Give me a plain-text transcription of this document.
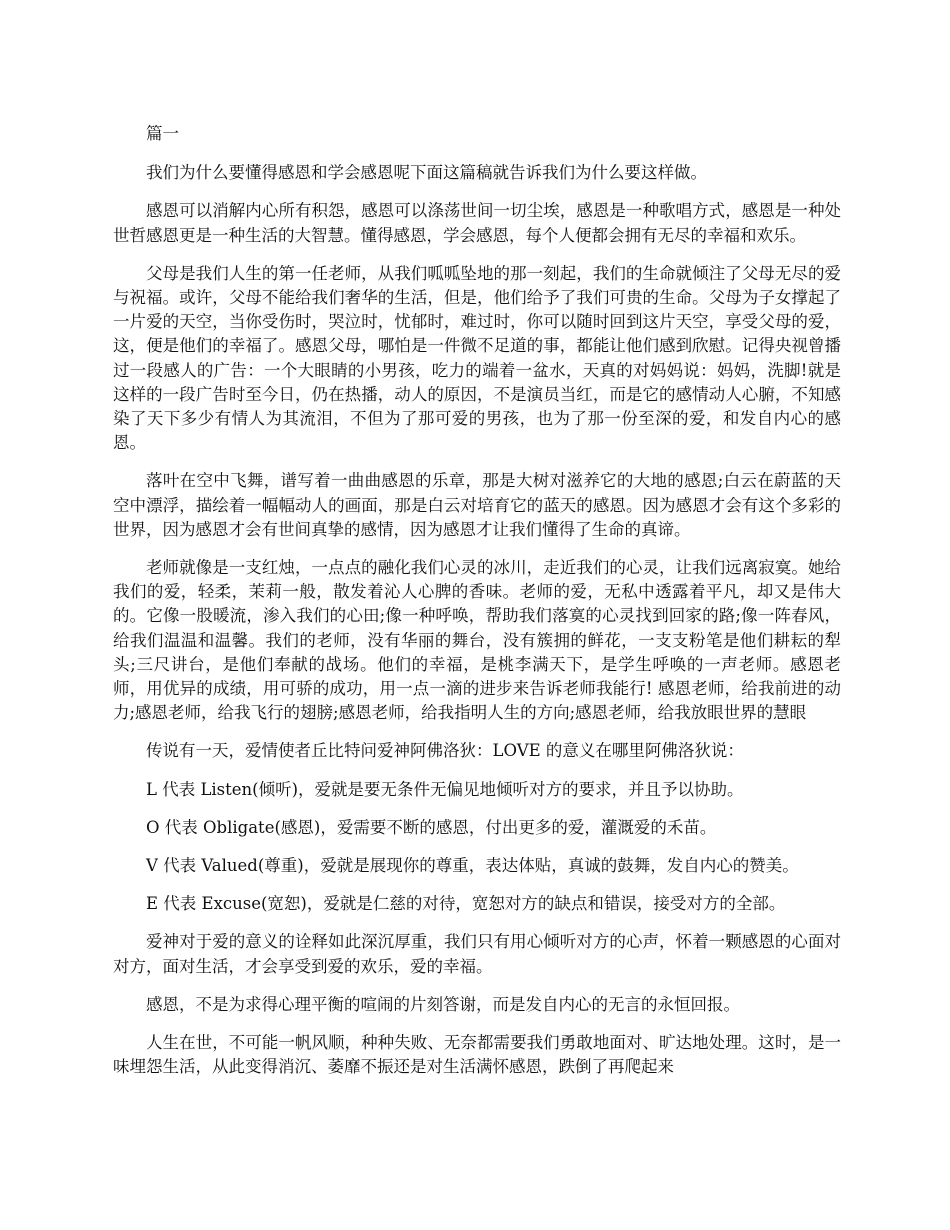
篇一

我们为什么要懂得感恩和学会感恩呢下面这篇稿就告诉我们为什么要这样做。

感恩可以消解内心所有积怨，感恩可以涤荡世间一切尘埃，感恩是一种歌唱方式，感恩是一种处世哲感恩更是一种生活的大智慧。懂得感恩，学会感恩，每个人便都会拥有无尽的幸福和欢乐。

父母是我们人生的第一任老师，从我们呱呱坠地的那一刻起，我们的生命就倾注了父母无尽的爱与祝福。或许，父母不能给我们奢华的生活，但是，他们给予了我们可贵的生命。父母为子女撑起了一片爱的天空，当你受伤时，哭泣时，忧郁时，难过时，你可以随时回到这片天空，享受父母的爱，这，便是他们的幸福了。感恩父母，哪怕是一件微不足道的事，都能让他们感到欣慰。记得央视曾播过一段感人的广告：一个大眼睛的小男孩，吃力的端着一盆水，天真的对妈妈说：妈妈，洗脚!就是这样的一段广告时至今日，仍在热播，动人的原因，不是演员当红，而是它的感情动人心腑，不知感染了天下多少有情人为其流泪，不但为了那可爱的男孩，也为了那一份至深的爱，和发自内心的感恩。

落叶在空中飞舞，谱写着一曲曲感恩的乐章，那是大树对滋养它的大地的感恩;白云在蔚蓝的天空中漂浮，描绘着一幅幅动人的画面，那是白云对培育它的蓝天的感恩。因为感恩才会有这个多彩的世界，因为感恩才会有世间真挚的感情，因为感恩才让我们懂得了生命的真谛。

老师就像是一支红烛，一点点的融化我们心灵的冰川，走近我们的心灵，让我们远离寂寞。她给我们的爱，轻柔，茉莉一般，散发着沁人心脾的香味。老师的爱，无私中透露着平凡，却又是伟大的。它像一股暖流，渗入我们的心田;像一种呼唤，帮助我们落寞的心灵找到回家的路;像一阵春风，给我们温温和温馨。我们的老师，没有华丽的舞台，没有簇拥的鲜花，一支支粉笔是他们耕耘的犁头;三尺讲台，是他们奉献的战场。他们的幸福，是桃李满天下，是学生呼唤的一声老师。感恩老师，用优异的成绩，用可骄的成功，用一点一滴的进步来告诉老师我能行! 感恩老师，给我前进的动力;感恩老师，给我飞行的翅膀;感恩老师，给我指明人生的方向;感恩老师，给我放眼世界的慧眼

传说有一天，爱情使者丘比特问爱神阿佛洛狄：LOVE 的意义在哪里阿佛洛狄说：

L 代表 Listen(倾听)，爱就是要无条件无偏见地倾听对方的要求，并且予以协助。

O 代表 Obligate(感恩)，爱需要不断的感恩，付出更多的爱，灌溉爱的禾苗。

V 代表 Valued(尊重)，爱就是展现你的尊重，表达体贴，真诚的鼓舞，发自内心的赞美。

E 代表 Excuse(宽恕)，爱就是仁慈的对待，宽恕对方的缺点和错误，接受对方的全部。

爱神对于爱的意义的诠释如此深沉厚重，我们只有用心倾听对方的心声，怀着一颗感恩的心面对对方，面对生活，才会享受到爱的欢乐，爱的幸福。

感恩，不是为求得心理平衡的喧闹的片刻答谢，而是发自内心的无言的永恒回报。

人生在世，不可能一帆风顺，种种失败、无奈都需要我们勇敢地面对、旷达地处理。这时，是一味埋怨生活，从此变得消沉、萎靡不振还是对生活满怀感恩，跌倒了再爬起来
